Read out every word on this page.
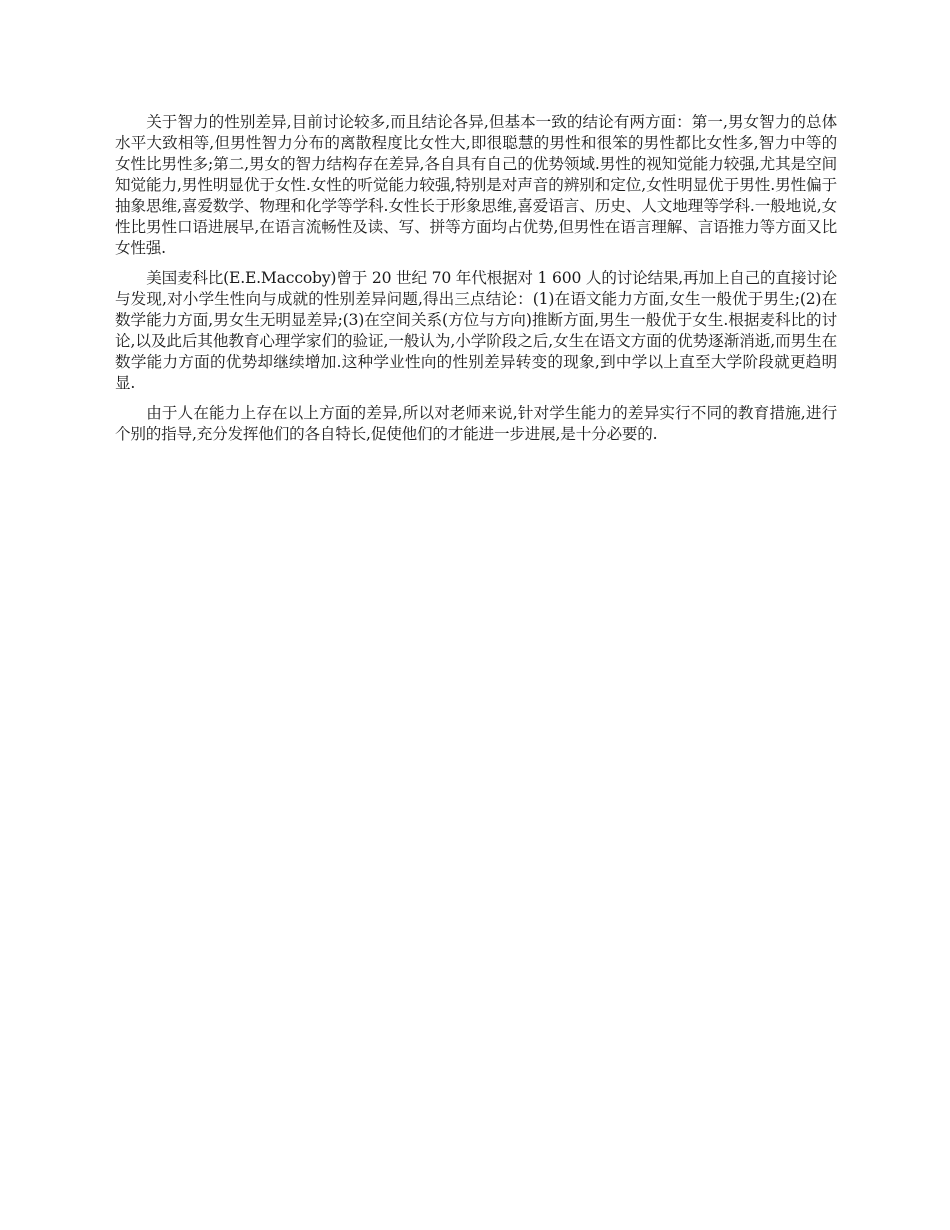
关于智力的性别差异,目前讨论较多,而且结论各异,但基本一致的结论有两方面：第一,男女智力的总体水平大致相等,但男性智力分布的离散程度比女性大,即很聪慧的男性和很笨的男性都比女性多,智力中等的女性比男性多;第二,男女的智力结构存在差异,各自具有自己的优势领域.男性的视知觉能力较强,尤其是空间知觉能力,男性明显优于女性.女性的听觉能力较强,特别是对声音的辨别和定位,女性明显优于男性.男性偏于抽象思维,喜爱数学、物理和化学等学科.女性长于形象思维,喜爱语言、历史、人文地理等学科.一般地说,女性比男性口语进展早,在语言流畅性及读、写、拼等方面均占优势,但男性在语言理解、言语推力等方面又比女性强.

美国麦科比(E.E.Maccoby)曾于 20 世纪 70 年代根据对 1 600 人的讨论结果,再加上自己的直接讨论与发现,对小学生性向与成就的性别差异问题,得出三点结论：(1)在语文能力方面,女生一般优于男生;(2)在数学能力方面,男女生无明显差异;(3)在空间关系(方位与方向)推断方面,男生一般优于女生.根据麦科比的讨论,以及此后其他教育心理学家们的验证,一般认为,小学阶段之后,女生在语文方面的优势逐渐消逝,而男生在数学能力方面的优势却继续增加.这种学业性向的性别差异转变的现象,到中学以上直至大学阶段就更趋明显.

由于人在能力上存在以上方面的差异,所以对老师来说,针对学生能力的差异实行不同的教育措施,进行个别的指导,充分发挥他们的各自特长,促使他们的才能进一步进展,是十分必要的.
